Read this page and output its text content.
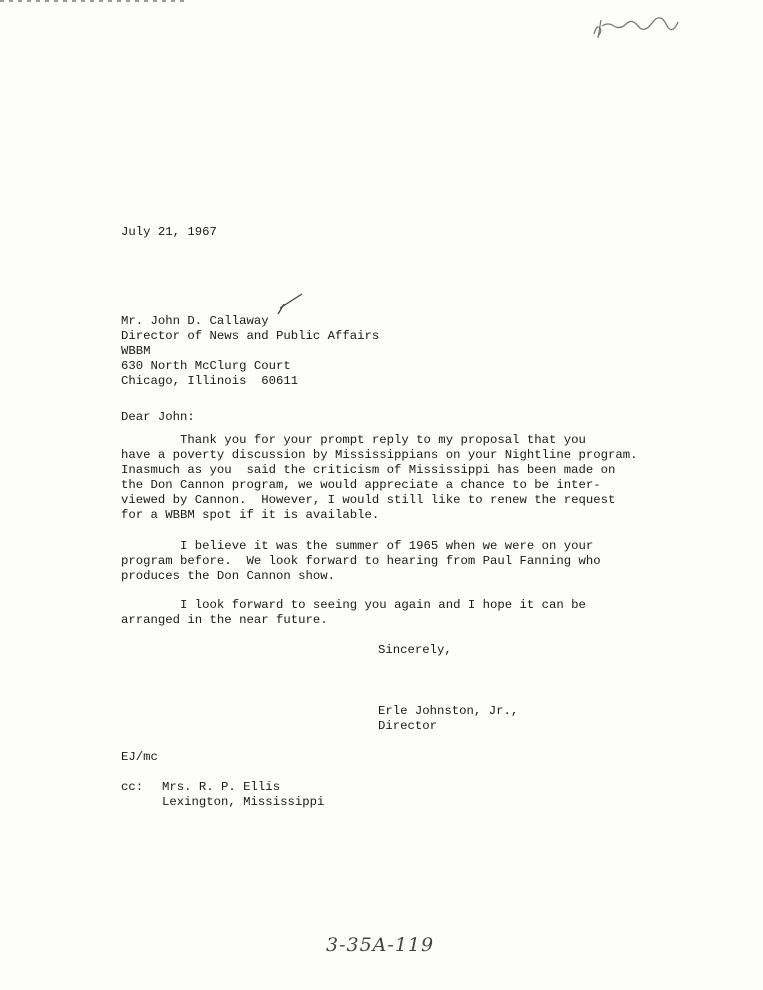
July 21, 1967
Mr. John D. Callaway
Director of News and Public Affairs
WBBM
630 North McClurg Court
Chicago, Illinois  60611
Dear John:
Thank you for your prompt reply to my proposal that you
have a poverty discussion by Mississippians on your Nightline program.
Inasmuch as you  said the criticism of Mississippi has been made on
the Don Cannon program, we would appreciate a chance to be inter-
viewed by Cannon.  However, I would still like to renew the request
for a WBBM spot if it is available.
I believe it was the summer of 1965 when we were on your
program before.  We look forward to hearing from Paul Fanning who
produces the Don Cannon show.
I look forward to seeing you again and I hope it can be
arranged in the near future.
Sincerely,
Erle Johnston, Jr.,
Director
EJ/mc
cc: Mrs. R. P. Ellis
Lexington, Mississippi
3-35A-119
